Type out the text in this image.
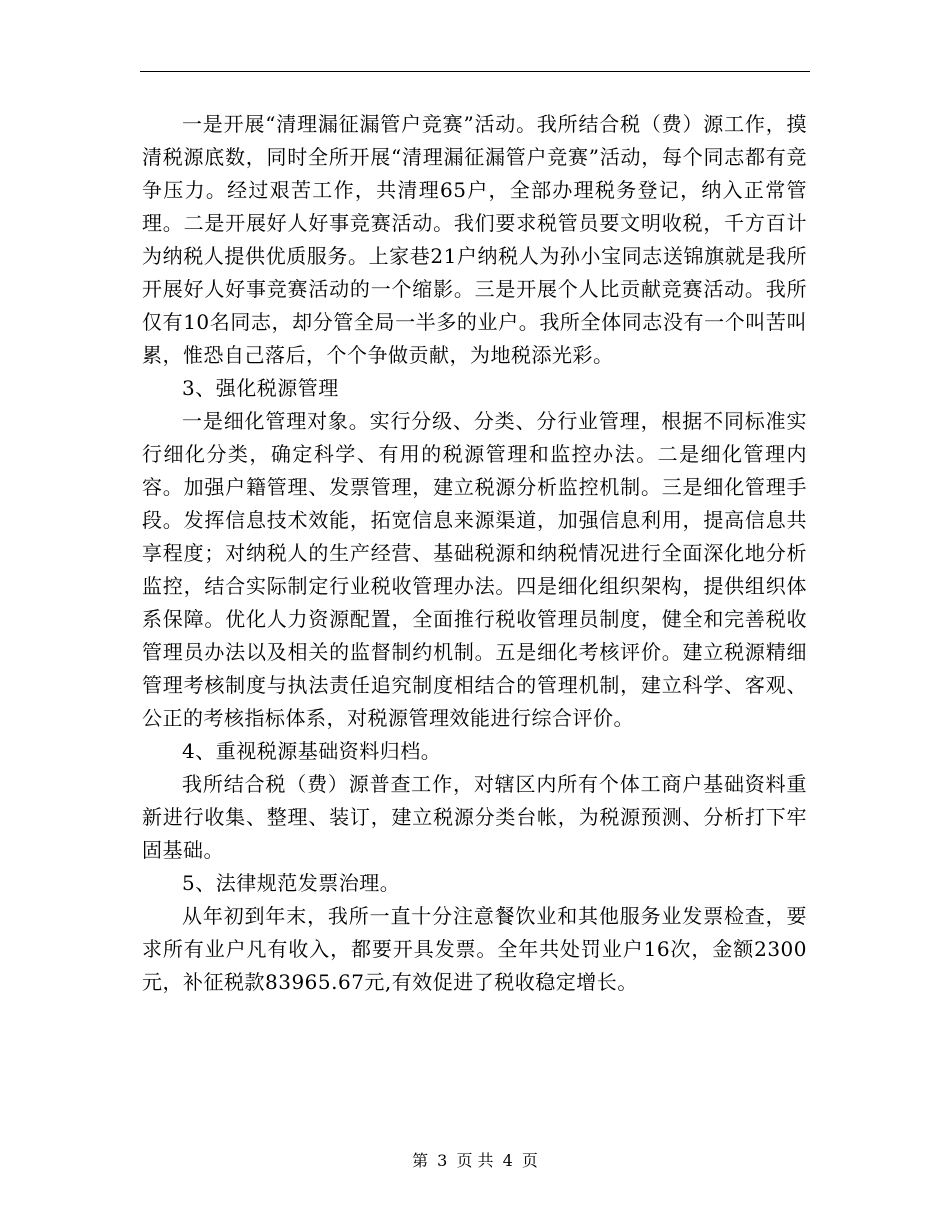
一是开展“清理漏征漏管户竞赛”活动。我所结合税（费）源工作，摸清税源底数，同时全所开展“清理漏征漏管户竞赛”活动，每个同志都有竞争压力。经过艰苦工作，共清理65户，全部办理税务登记，纳入正常管理。二是开展好人好事竞赛活动。我们要求税管员要文明收税，千方百计为纳税人提供优质服务。上家巷21户纳税人为孙小宝同志送锦旗就是我所开展好人好事竞赛活动的一个缩影。三是开展个人比贡献竞赛活动。我所仅有10名同志，却分管全局一半多的业户。我所全体同志没有一个叫苦叫累，惟恐自己落后，个个争做贡献，为地税添光彩。

3、强化税源管理

一是细化管理对象。实行分级、分类、分行业管理，根据不同标准实行细化分类，确定科学、有用的税源管理和监控办法。二是细化管理内容。加强户籍管理、发票管理，建立税源分析监控机制。三是细化管理手段。发挥信息技术效能，拓宽信息来源渠道，加强信息利用，提高信息共享程度；对纳税人的生产经营、基础税源和纳税情况进行全面深化地分析监控，结合实际制定行业税收管理办法。四是细化组织架构，提供组织体系保障。优化人力资源配置，全面推行税收管理员制度，健全和完善税收管理员办法以及相关的监督制约机制。五是细化考核评价。建立税源精细管理考核制度与执法责任追究制度相结合的管理机制，建立科学、客观、公正的考核指标体系，对税源管理效能进行综合评价。

4、重视税源基础资料归档。

我所结合税（费）源普查工作，对辖区内所有个体工商户基础资料重新进行收集、整理、装订，建立税源分类台帐，为税源预测、分析打下牢固基础。

5、法律规范发票治理。

从年初到年末，我所一直十分注意餐饮业和其他服务业发票检查，要求所有业户凡有收入，都要开具发票。全年共处罚业户16次，金额2300元，补征税款83965.67元,有效促进了税收稳定增长。

第 3 页 共 4 页
